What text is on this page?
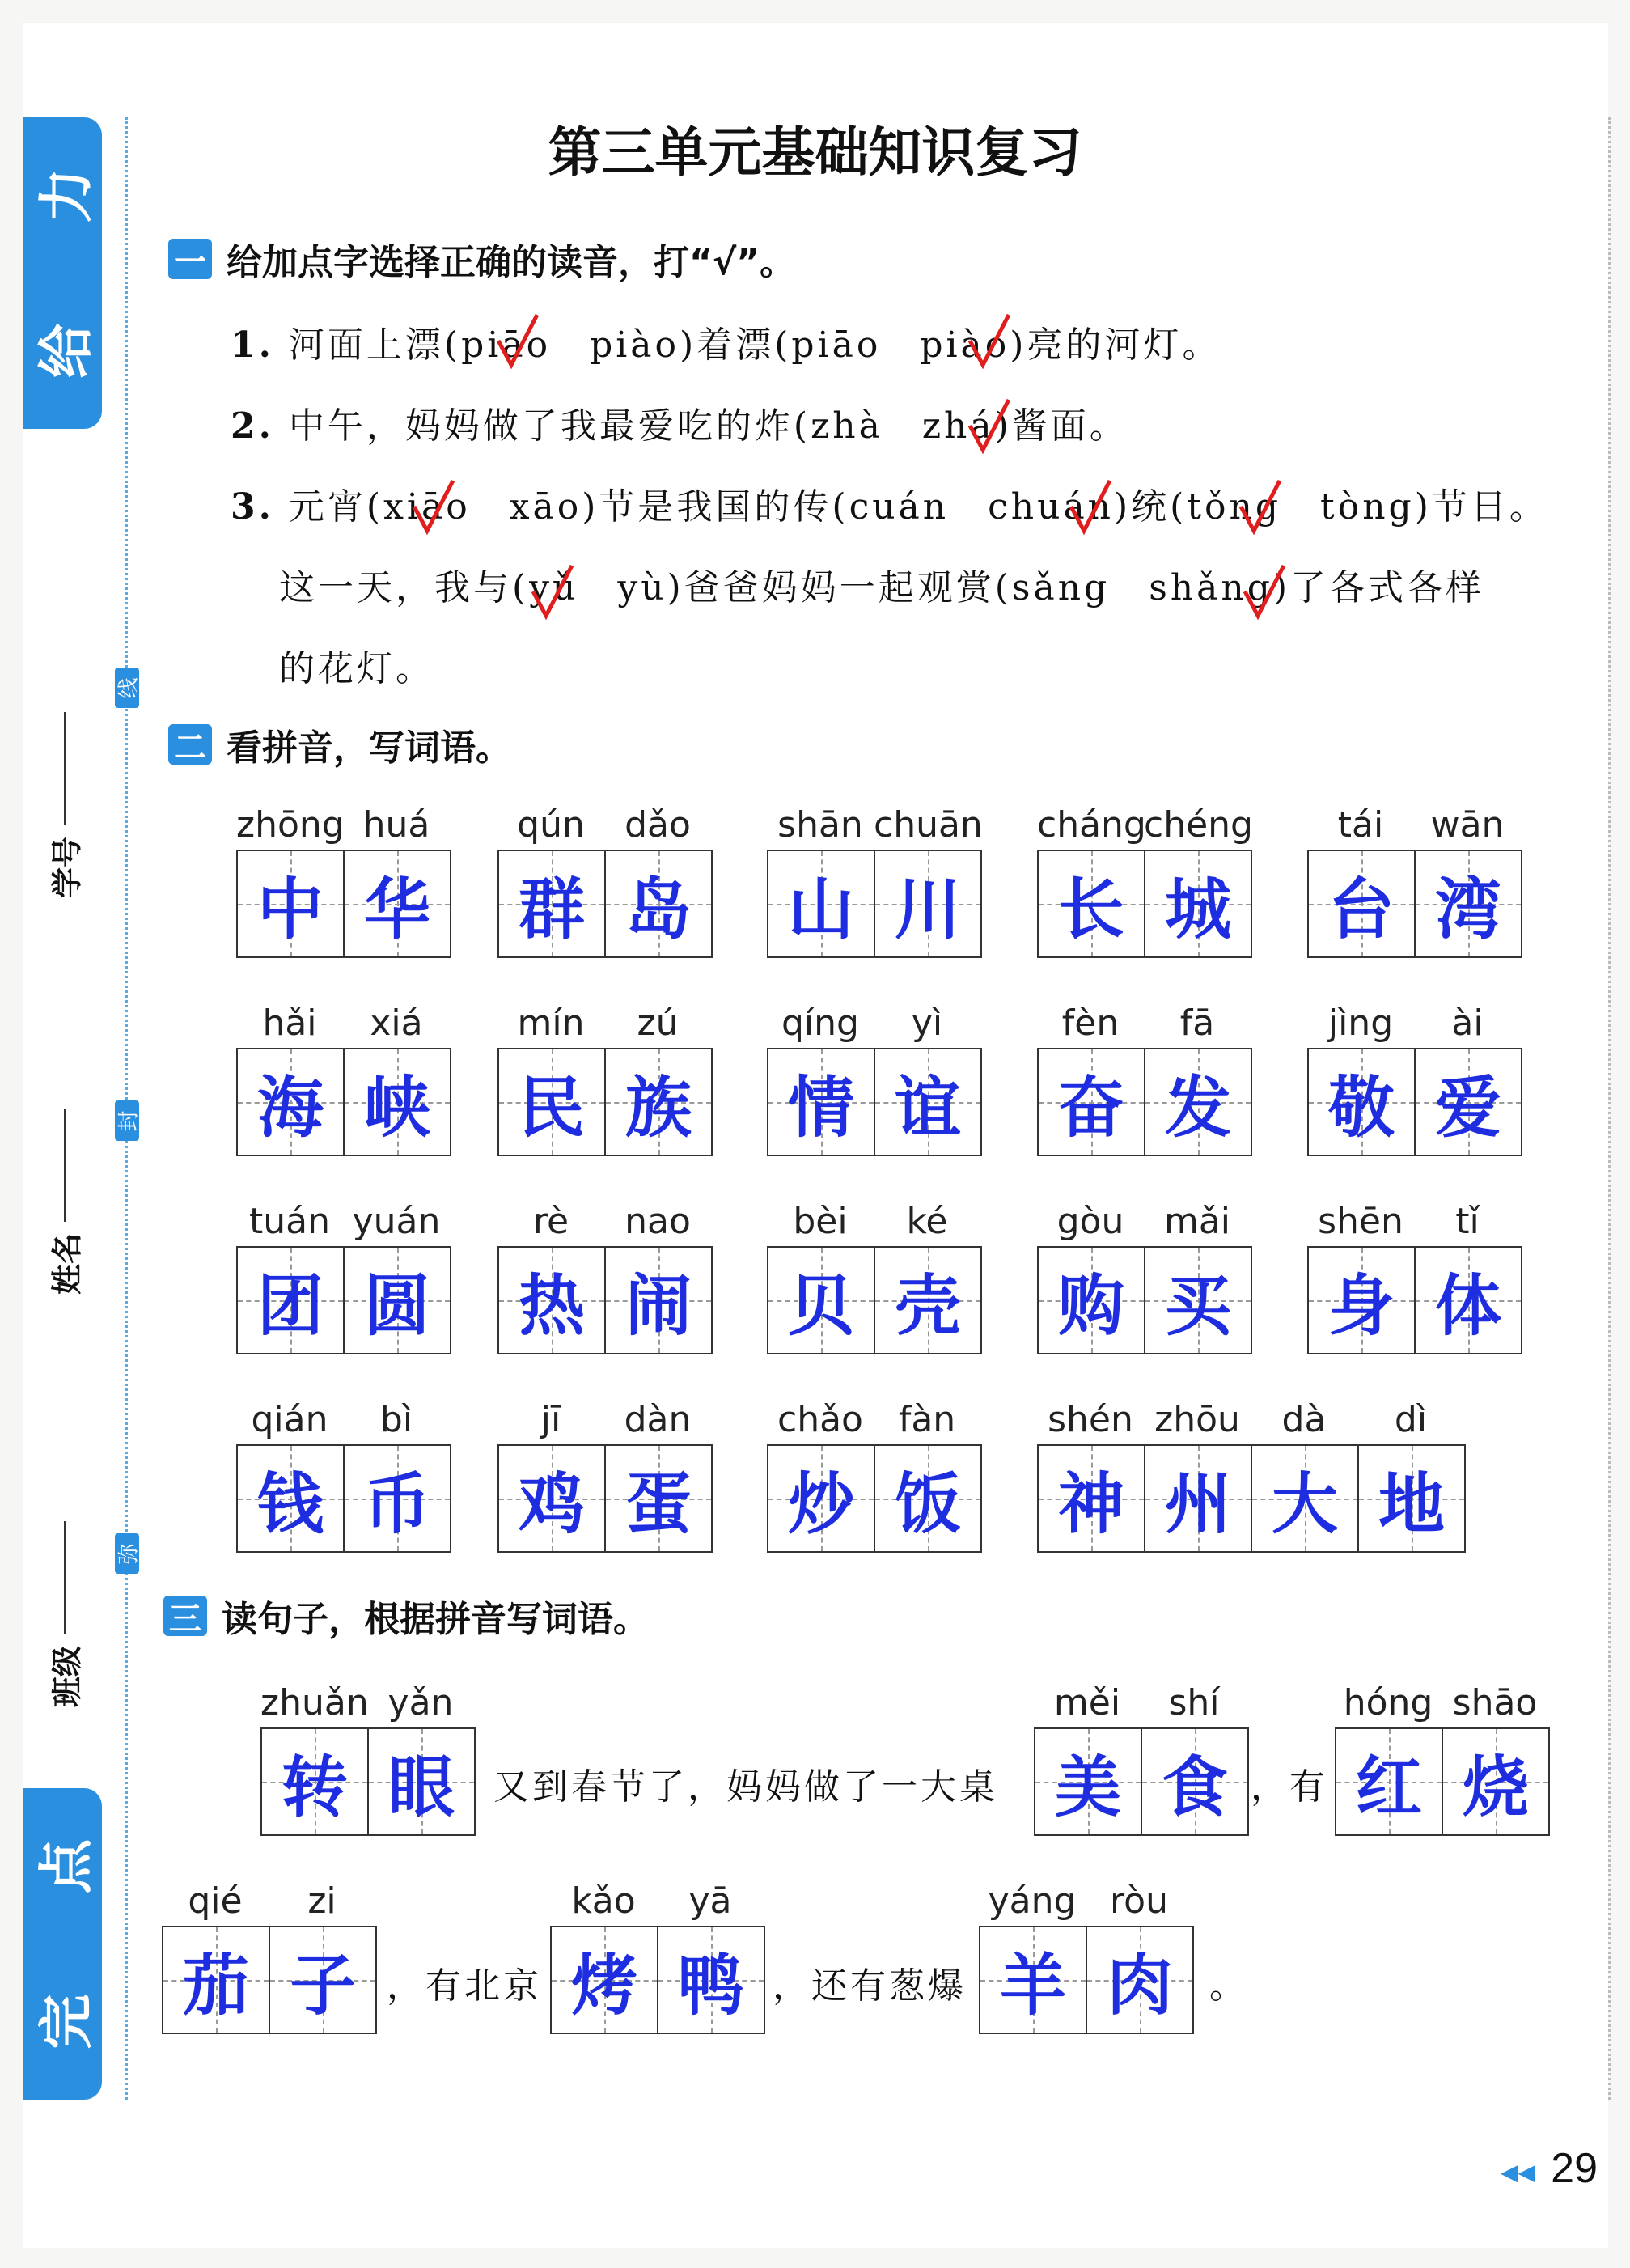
力
给
点
完
班级
姓名
学号
线
封
弥
第三单元基础知识复习
一 给加点字选择正确的读音，打“√”。
1. 河面上漂(piāo　piào)着漂(piāo　piào)亮的河灯。
2. 中午，妈妈做了我最爱吃的炸(zhà　zhá)酱面。
3. 元宵(xiāo　xāo)节是我国的传(cuán　chuán)统(tǒng　tòng)节日。
这一天，我与(yǔ　yù)爸爸妈妈一起观赏(sǎng　shǎng)了各式各样
的花灯。
二 看拼音，写词语。
三 读句子，根据拼音写词语。
又到春节了，妈妈做了一大桌	，有
，有北京	，还有葱爆	。
◀◀ 29
zhōng huá
中 华
qún	dǎo
群 岛
shān chuān
山 川
cháng
chéng
长 城
tái	wān
台 湾
hǎi	xiá
海 峡
mín	zú
民 族
qíng	yì
情 谊
fèn	fā
奋 发
jìng	ài
敬 爱
tuán yuán
团 圆
rè	nao
热 闹
bèi	ké
贝 壳
gòu	mǎi
购 买
shēn	tǐ
身 体
qián	bì
钱 币
jī	dàn
鸡 蛋
chǎo fàn
炒 饭
shén zhōu	dà	dì
神 州 大 地
zhuǎn yǎn
转 眼
měi	shí
美 食
hóng shāo
红 烧
qié	zi
茄 子
kǎo	yā
烤 鸭
yáng ròu
羊 肉
